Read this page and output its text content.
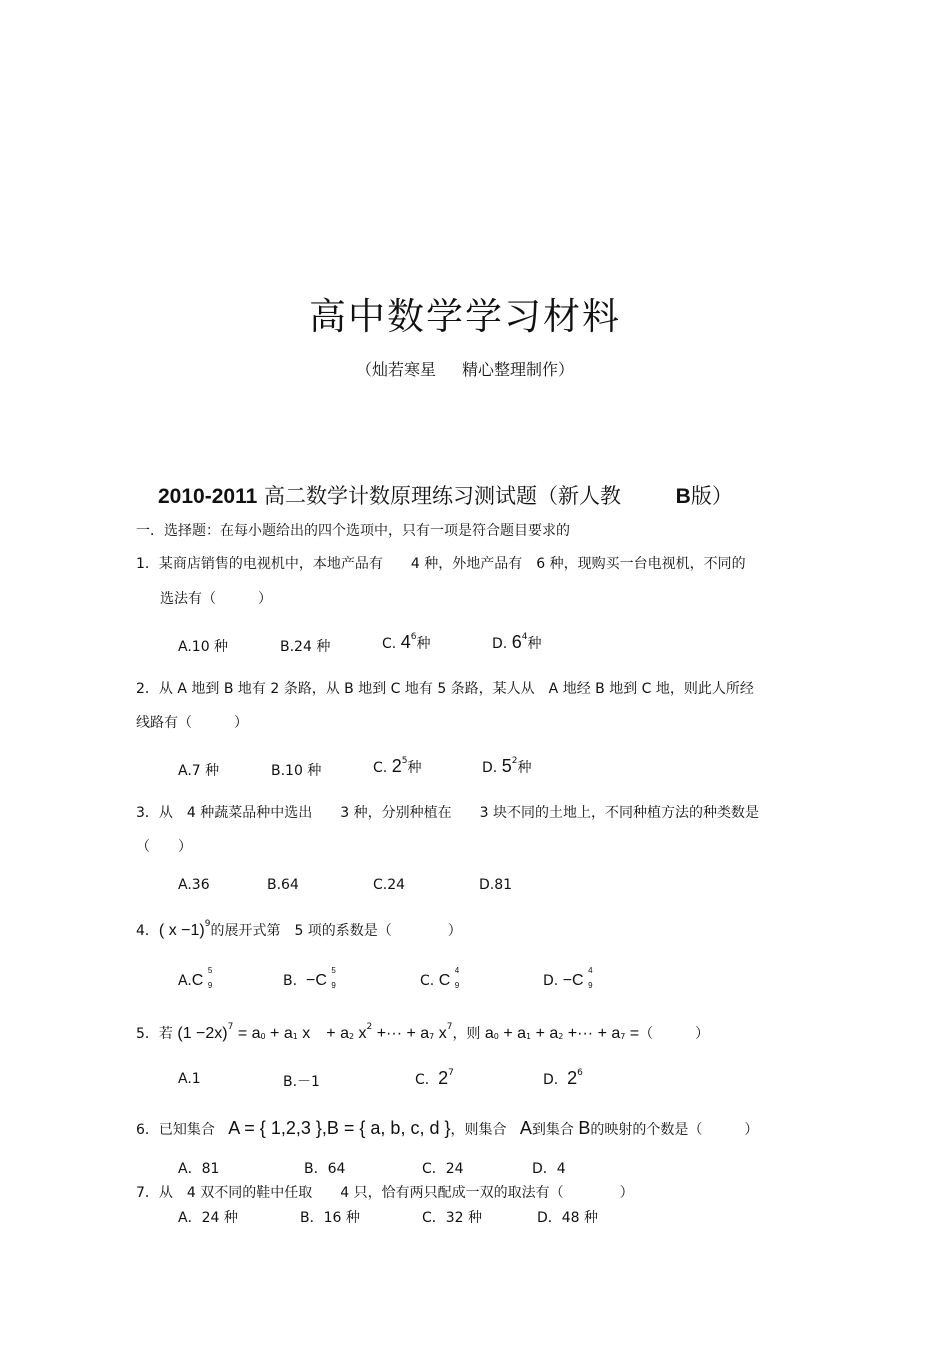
高中数学学习材料
（灿若寒星 精心整理制作）
2010-2011 高二数学计数原理练习测试题（新人教	B版）
一．选择题：在每小题给出的四个选项中，只有一项是符合题目要求的
1．某商店销售的电视机中，本地产品有　　4 种，外地产品有　6 种，现购买一台电视机，不同的
选法有（　　　）
A.10 种	B.24 种	C. $4^6$种	D. $6^4$种
2．从 A 地到 B 地有 2 条路，从 B 地到 C 地有 5 条路，某人从　A 地经 B 地到 C 地，则此人所经
线路有（　　　）
A.7 种	B.10 种	C. $2^5$种	D. $5^2$种
3．从　4 种蔬菜品种中选出　　3 种，分别种植在　　3 块不同的土地上，不同种植方法的种类数是
（　　）
A.36	B.64	C.24	D.81
4．( x −1)$^9$的展开式第　5 项的系数是（　　　　）
A.C
5
9	B. −C
5
9	C. C
4
9	D. −C
4
9
5．若 $(1 -2x)^7 = a0 + a1$ x　+ a2 $x^2$ +··· + a7 $x^7$，则 a0 + a1 + a2 +··· + a7 =（　　　）
A.1	B.－1	C. $2^7$	D. $2^6$
6．已知集合 A = { 1,2,3 },B = { a, b, c, d }，则集合 A到集合 B的映射的个数是（　　　）
A．81	B．64	C．24	D．4
7．从　4 双不同的鞋中任取　　4 只，恰有两只配成一双的取法有（　　　　）
A．24 种	B．16 种	C．32 种	D．48 种
